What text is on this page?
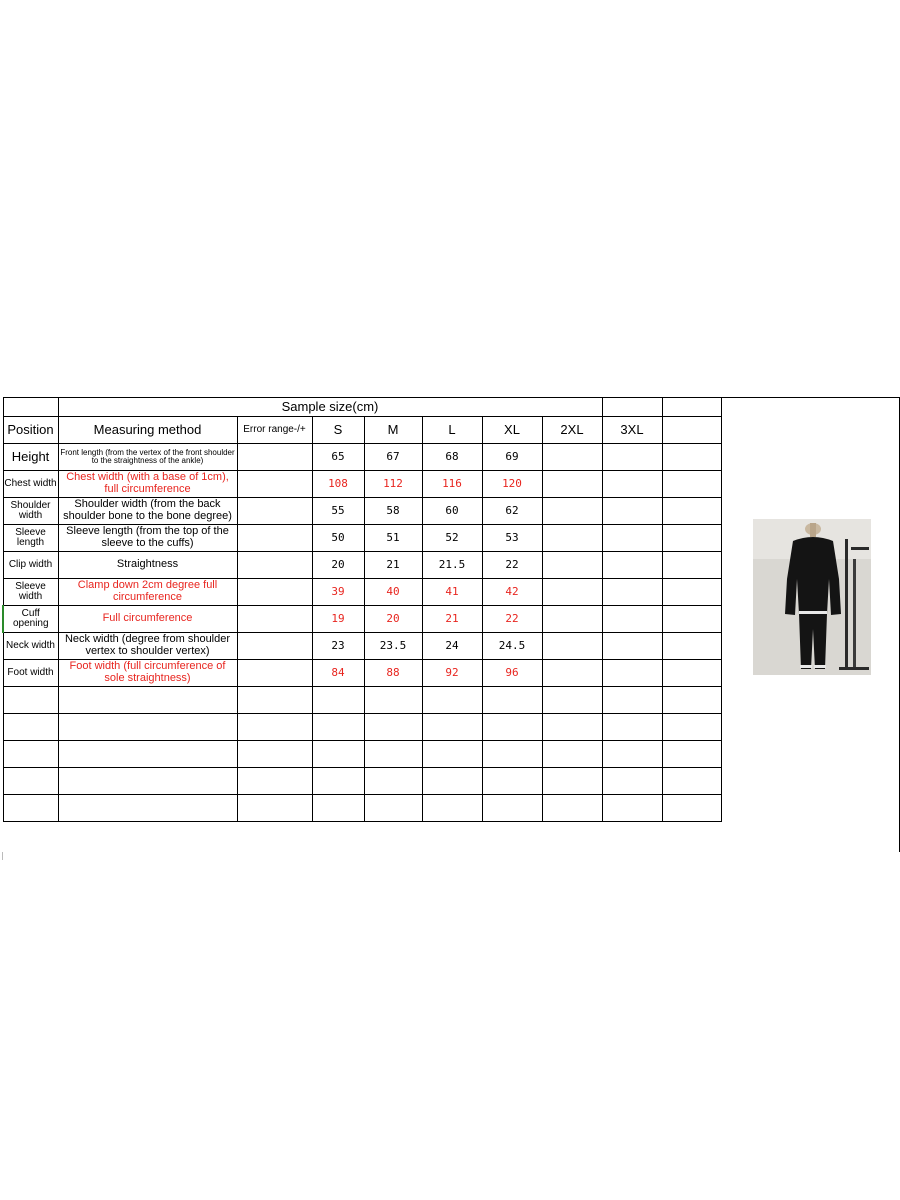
	Sample size(cm)								
Position	Measuring method	Error range-/+	S	M	L	XL	2XL	3XL	
Height	Front length (from the vertex of the front shoulder to the straightness of the ankle)		65	67	68	69			
Chest width	Chest width (with a base of 1cm), full circumference		108	112	116	120			
Shoulder width	Shoulder width (from the back shoulder bone to the bone degree)		55	58	60	62			
Sleeve length	Sleeve length (from the top of the sleeve to the cuffs)		50	51	52	53			
Clip width	Straightness		20	21	21.5	22			
Sleeve width	Clamp down 2cm degree full circumference		39	40	41	42			
Cuff opening	Full circumference		19	20	21	22			
Neck width	Neck width (degree from shoulder vertex to shoulder vertex)		23	23.5	24	24.5			
Foot width	Foot width (full circumference of sole straightness)		84	88	92	96			
